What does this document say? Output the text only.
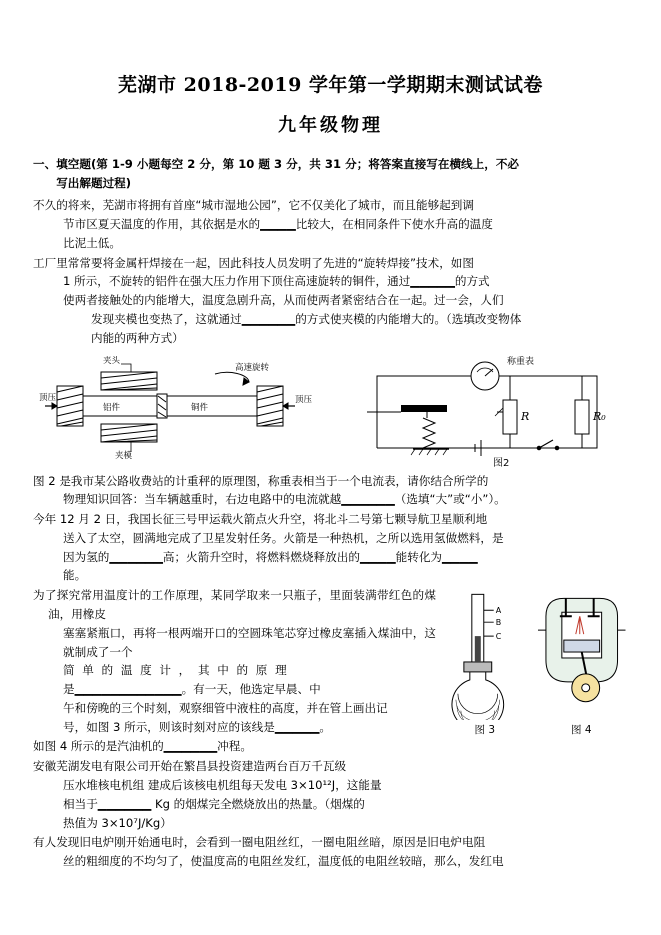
芜湖市 2018-2019 学年第一学期期末测试试卷
九年级物理
一、填空题(第 1-9 小题每空 2 分，第 10 题 3 分，共 31 分；将答案直接写在横线上，不必
写出解题过程)
不久的将来，芜湖市将拥有首座“城市湿地公园”，它不仅美化了城市，而且能够起到调
节市区夏天温度的作用，其依据是水的▁▁▁▁比较大，在相同条件下使水升高的温度
比泥土低。
工厂里常常要将金属杆焊接在一起，因此科技人员发明了先进的“旋转焊接”技术，如图
1 所示，不旋转的铝件在强大压力作用下顶住高速旋转的铜件，通过▁▁▁▁▁的方式
使两者接触处的内能增大，温度急剧升高，从而使两者紧密结合在一起。过一会，人们
发现夹模也变热了，这就通过▁▁▁▁▁▁的方式使夹模的内能增大的。（选填改变物体
内能的两种方式）
夹头
高速旋转
顶压	顶压
夹模
铝件	铜件
称重表
R	R₀
图2
图 2 是我市某公路收费站的计重秤的原理图，称重表相当于一个电流表，请你结合所学的
物理知识回答：当车辆越重时，右边电路中的电流就越▁▁▁▁▁▁（选填“大”或“小”）。
今年 12 月 2 日，我国长征三号甲运载火箭点火升空，将北斗二号第七颗导航卫星顺利地
送入了太空，圆满地完成了卫星发射任务。火箭是一种热机，之所以选用氢做燃料，是
因为氢的▁▁▁▁▁▁高；火箭升空时，将燃料燃烧释放出的▁▁▁▁能转化为▁▁▁▁
能。
A
B
C
图 3	图 4
为了探究常用温度计的工作原理，某同学取来一只瓶子，里面装满带红色的煤油，用橡皮
塞塞紧瓶口，再将一根两端开口的空圆珠笔芯穿过橡皮塞插入煤油中，这就制成了一个
简 单 的 温 度 计 ， 其 中 的 原 理
是▁▁▁▁▁▁▁▁▁▁▁▁。有一天，他选定早晨、中
午和傍晚的三个时刻，观察细管中液柱的高度，并在管上画出记
号，如图 3 所示，则该时刻对应的该线是▁▁▁▁▁。
如图 4 所示的是汽油机的▁▁▁▁▁▁冲程。
安徽芜湖发电有限公司开始在繁昌县投资建造两台百万千瓦级
压水堆核电机组 建成后该核电机组每天发电 3×10¹²J，这能量
相当于▁▁▁▁▁▁ Kg 的烟煤完全燃烧放出的热量。（烟煤的
热值为 3×10⁷J/Kg）
有人发现旧电炉刚开始通电时，会看到一圈电阻丝红，一圈电阻丝暗，原因是旧电炉电阻
丝的粗细度的不均匀了，使温度高的电阻丝发红，温度低的电阻丝较暗，那么，发红电
